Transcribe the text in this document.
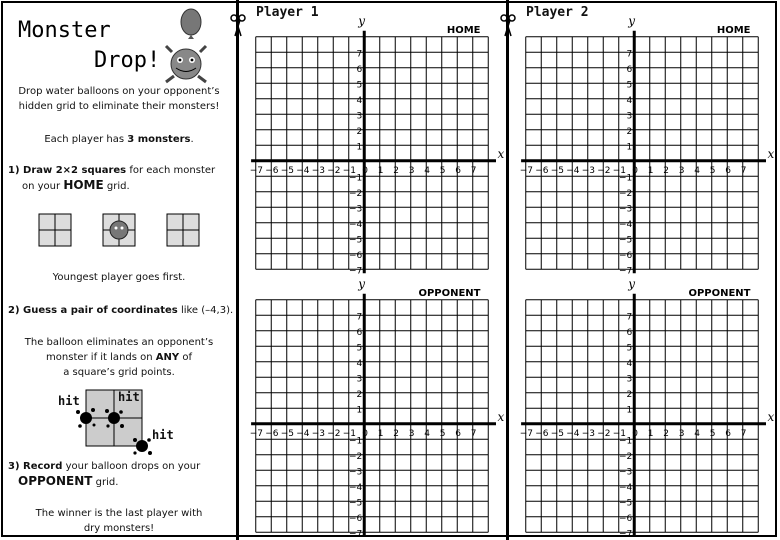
Monster
Drop!
Drop water balloons on your opponent’s
hidden grid to eliminate their monsters!
Each player has 3 monsters.
1) Draw 2×2 squares for each monster
on your HOME grid.
Youngest player goes first.
2) Guess a pair of coordinates like (–4,3).
The balloon eliminates an opponent’s
monster if it lands on ANY of
a square’s grid points.
hit	hit
hit
3) Record your balloon drops on your
OPPONENT grid.
The winner is the last player with
dry monsters!
Player 1	Player 2
x
y
−7
−7
−6
−6
−5
−5
−4
−4
−3
−3
−2
−2
−1
−1
0 1
1
2
2
3
3
4
4
5
5
6
6
7
7
HOME
x
y
−7
−7
−6
−6
−5
−5
−4
−4
−3
−3
−2
−2
−1
−1
0 1
1
2
2
3
3
4
4
5
5
6
6
7
7
OPPONENT
x
y
−7
−7
−6
−6
−5
−5
−4
−4
−3
−3
−2
−2
−1
−1
0 1
1
2
2
3
3
4
4
5
5
6
6
7
7
HOME
x
y
−7
−7
−6
−6
−5
−5
−4
−4
−3
−3
−2
−2
−1
−1
0 1
1
2
2
3
3
4
4
5
5
6
6
7
7
OPPONENT
